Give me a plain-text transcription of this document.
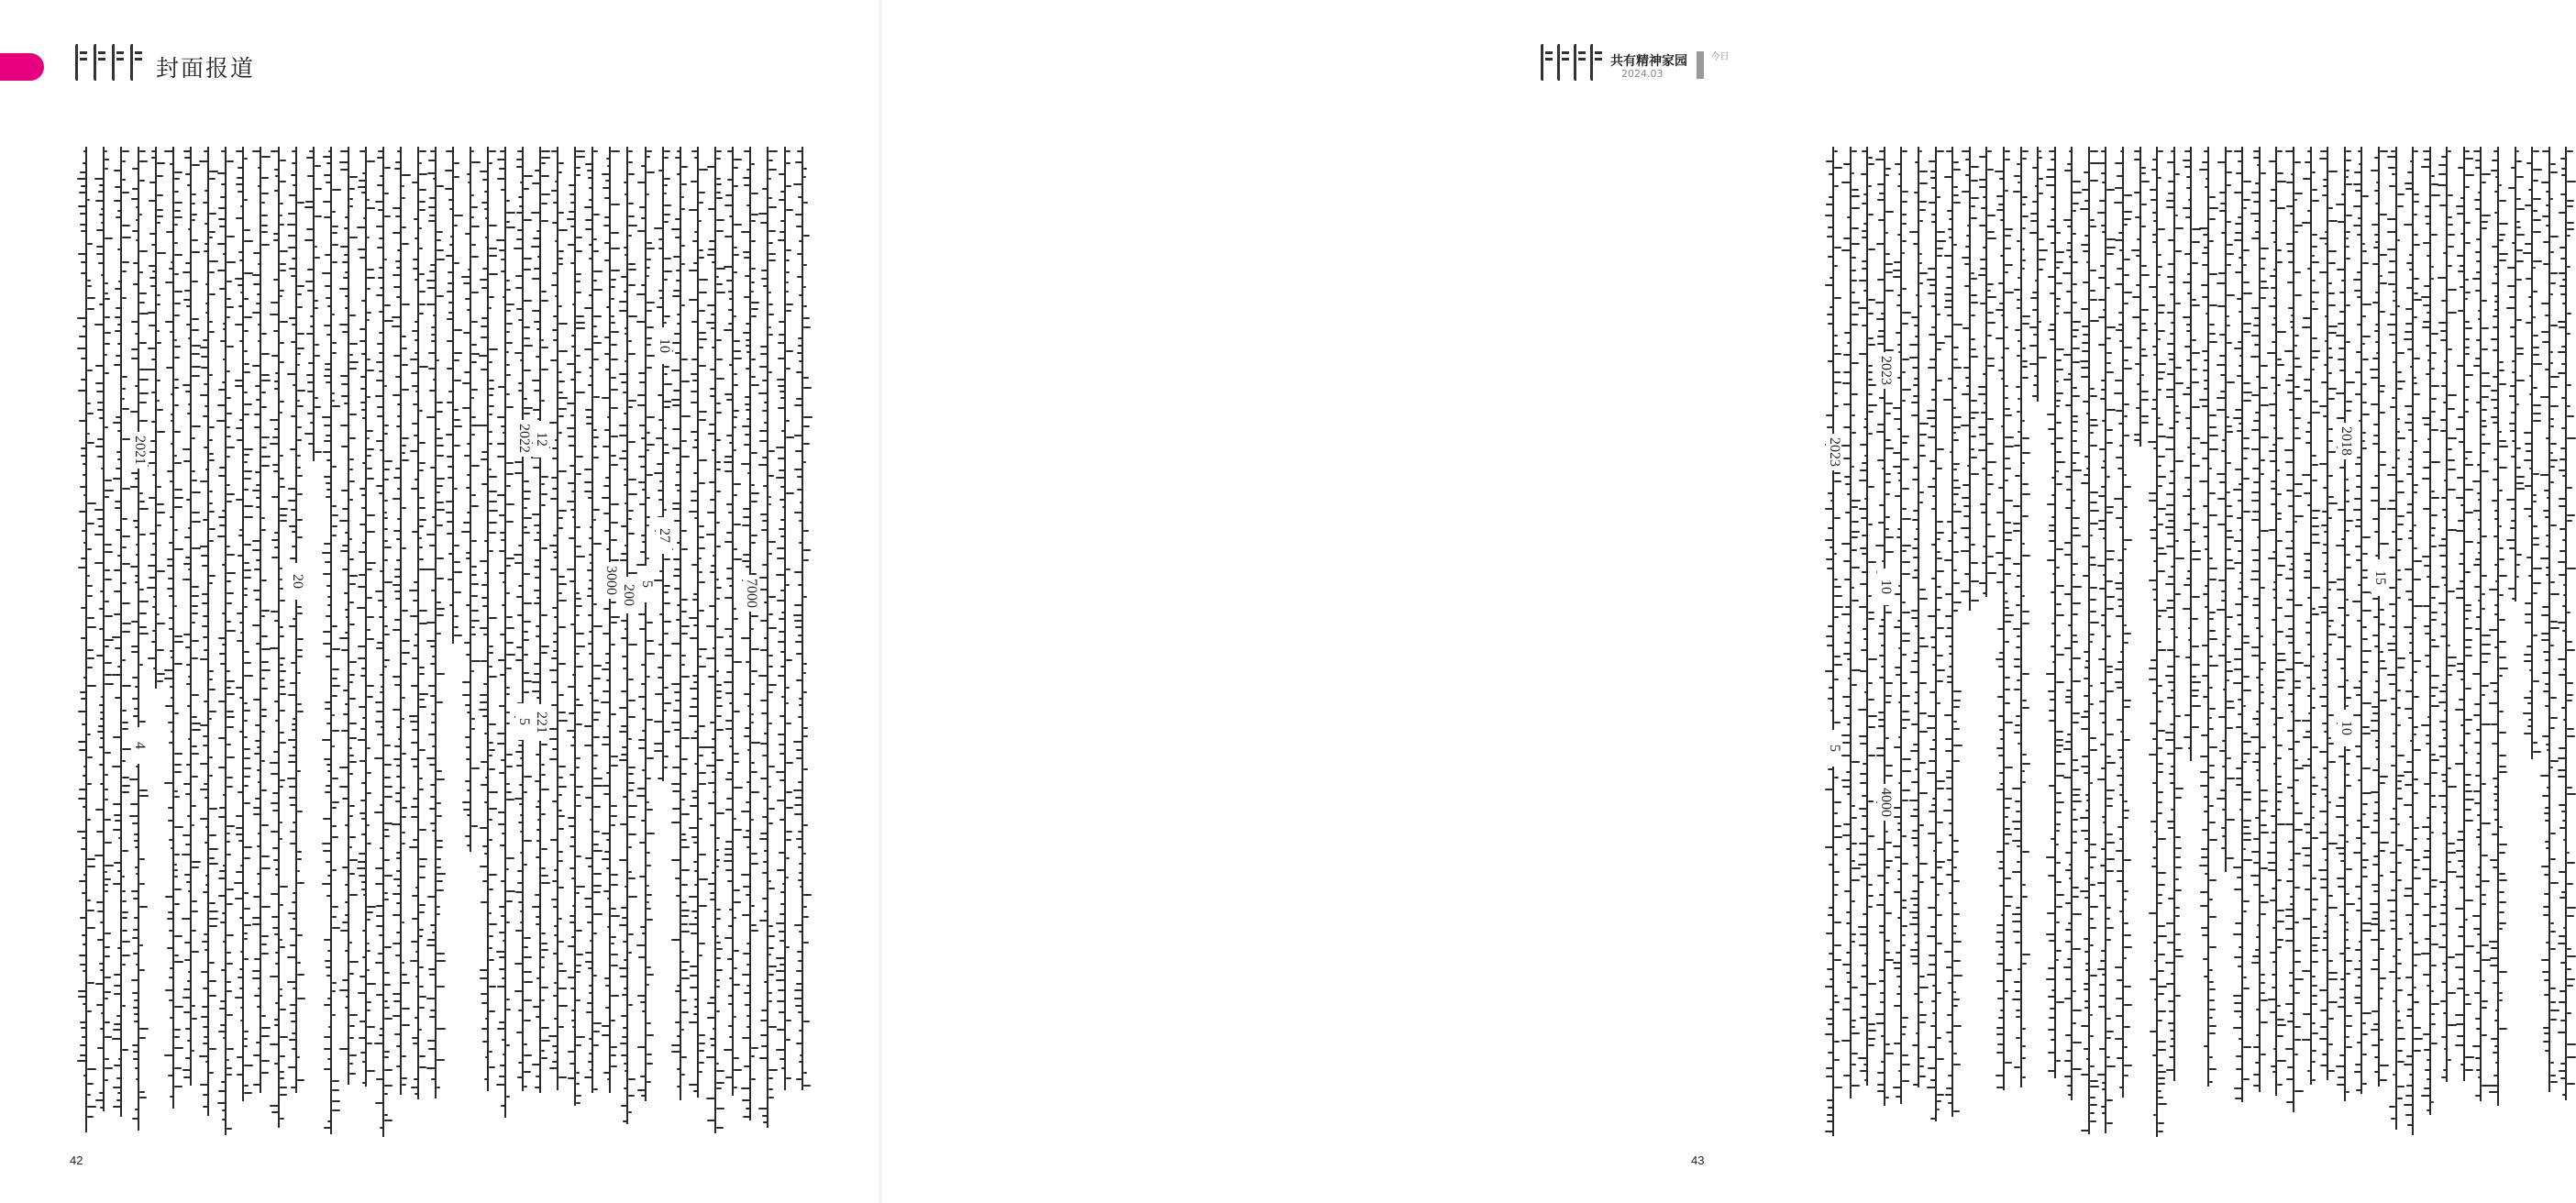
封面报道
2021
4
20
2022
5
12
221
3000 200 5
10
27
7000
42
2023
5
2023
10
4000
2018
10
15
43
共有精神家园
2024.03
今日
